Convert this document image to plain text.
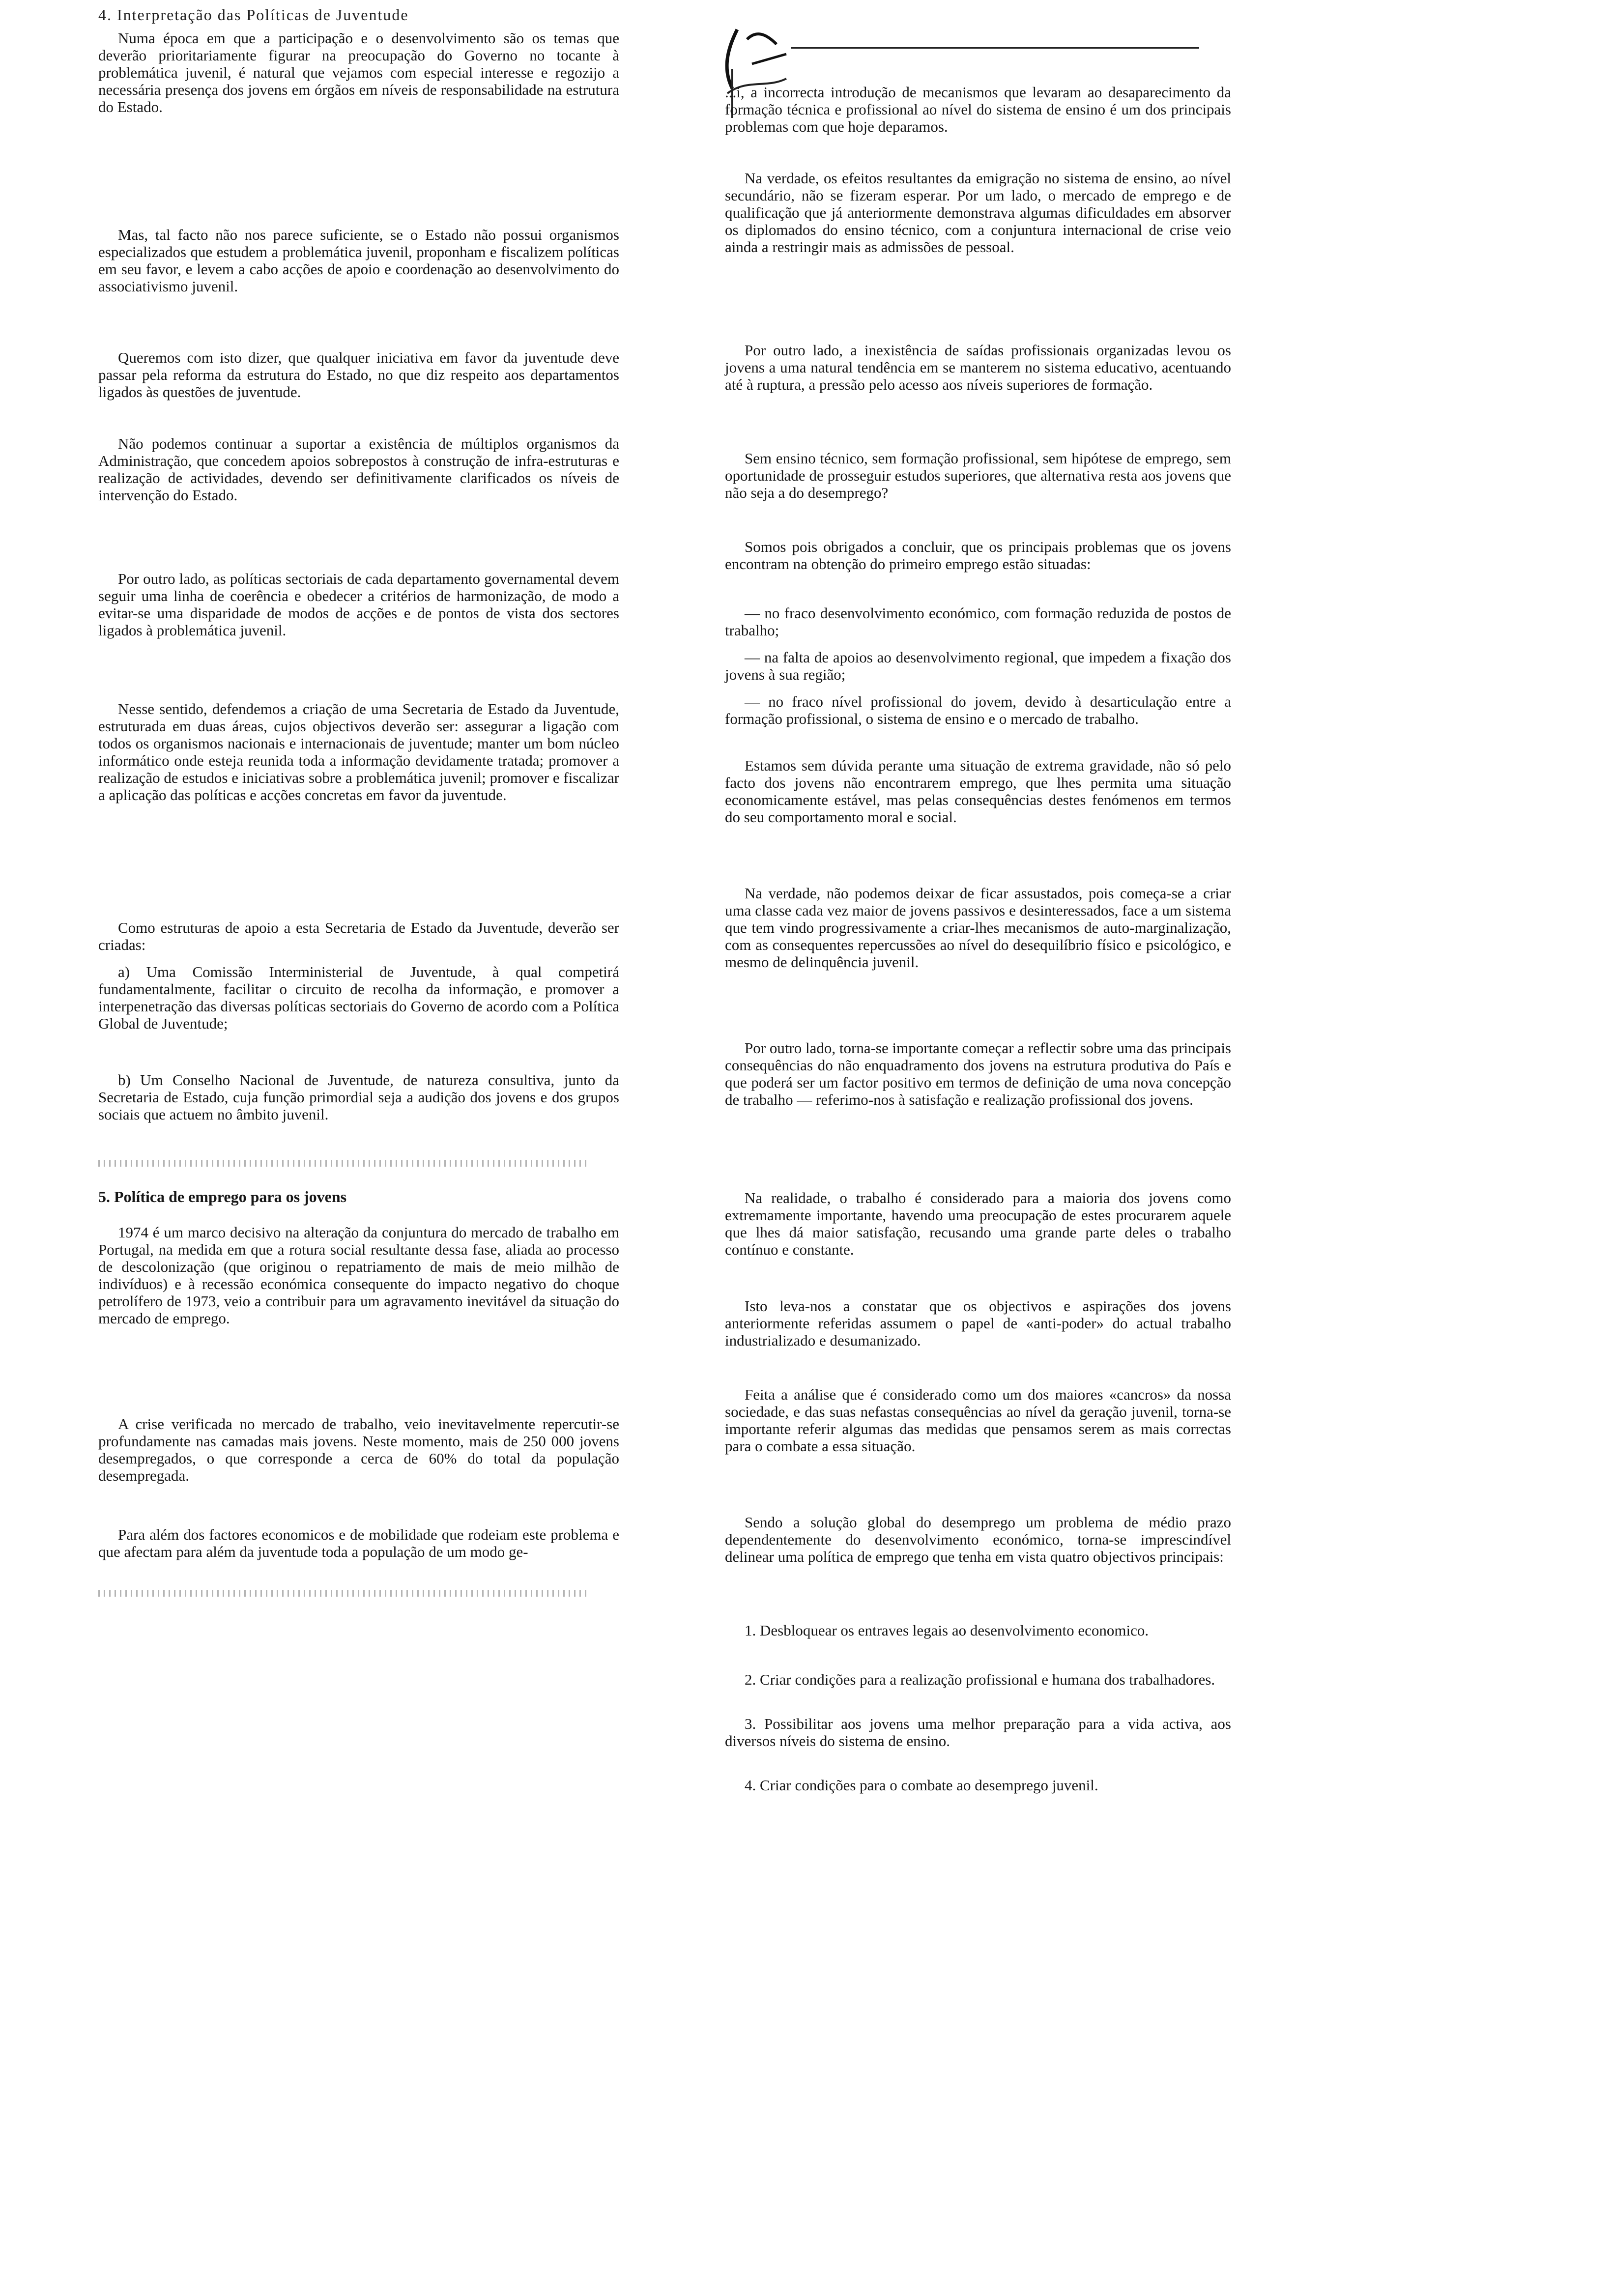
4. Interpretação das Políticas de Juventude

Numa época em que a participação e o desenvolvimento são os temas que deverão prioritariamente figurar na preocupação do Governo no tocante à problemática juvenil, é natural que vejamos com especial interesse e regozijo a necessária presença dos jovens em órgãos em níveis de responsabilidade na estrutura do Estado.

Mas, tal facto não nos parece suficiente, se o Estado não possui organismos especializados que estudem a problemática juvenil, proponham e fiscalizem políticas em seu favor, e levem a cabo acções de apoio e coordenação ao desenvolvimento do associativismo juvenil.

Queremos com isto dizer, que qualquer iniciativa em favor da juventude deve passar pela reforma da estrutura do Estado, no que diz respeito aos departamentos ligados às questões de juventude.

Não podemos continuar a suportar a existência de múltiplos organismos da Administração, que concedem apoios sobrepostos à construção de infra-estruturas e realização de actividades, devendo ser definitivamente clarificados os níveis de intervenção do Estado.

Por outro lado, as políticas sectoriais de cada departamento governamental devem seguir uma linha de coerência e obedecer a critérios de harmonização, de modo a evitar-se uma disparidade de modos de acções e de pontos de vista dos sectores ligados à problemática juvenil.

Nesse sentido, defendemos a criação de uma Secretaria de Estado da Juventude, estruturada em duas áreas, cujos objectivos deverão ser: assegurar a ligação com todos os organismos nacionais e internacionais de juventude; manter um bom núcleo informático onde esteja reunida toda a informação devidamente tratada; promover a realização de estudos e iniciativas sobre a problemática juvenil; promover e fiscalizar a aplicação das políticas e acções concretas em favor da juventude.

Como estruturas de apoio a esta Secretaria de Estado da Juventude, deverão ser criadas:

a) Uma Comissão Interministerial de Juventude, à qual competirá fundamentalmente, facilitar o circuito de recolha da informação, e promover a interpenetração das diversas políticas sectoriais do Governo de acordo com a Política Global de Juventude;

b) Um Conselho Nacional de Juventude, de natureza consultiva, junto da Secretaria de Estado, cuja função primordial seja a audição dos jovens e dos grupos sociais que actuem no âmbito juvenil.

5. Política de emprego para os jovens

1974 é um marco decisivo na alteração da conjuntura do mercado de trabalho em Portugal, na medida em que a rotura social resultante dessa fase, aliada ao processo de descolonização (que originou o repatriamento de mais de meio milhão de indivíduos) e à recessão económica consequente do impacto negativo do choque petrolífero de 1973, veio a contribuir para um agravamento inevitável da situação do mercado de emprego.

A crise verificada no mercado de trabalho, veio inevitavelmente repercutir-se profundamente nas camadas mais jovens. Neste momento, mais de 250 000 jovens desempregados, o que corresponde a cerca de 60% do total da população desempregada.

Para além dos factores economicos e de mobilidade que rodeiam este problema e que afectam para além da juventude toda a população de um modo ge-

...i, a incorrecta introdução de mecanismos que levaram ao desaparecimento da formação técnica e profissional ao nível do sistema de ensino é um dos principais problemas com que hoje deparamos.

Na verdade, os efeitos resultantes da emigração no sistema de ensino, ao nível secundário, não se fizeram esperar. Por um lado, o mercado de emprego e de qualificação que já anteriormente demonstrava algumas dificuldades em absorver os diplomados do ensino técnico, com a conjuntura internacional de crise veio ainda a restringir mais as admissões de pessoal.

Por outro lado, a inexistência de saídas profissionais organizadas levou os jovens a uma natural tendência em se manterem no sistema educativo, acentuando até à ruptura, a pressão pelo acesso aos níveis superiores de formação.

Sem ensino técnico, sem formação profissional, sem hipótese de emprego, sem oportunidade de prosseguir estudos superiores, que alternativa resta aos jovens que não seja a do desemprego?

Somos pois obrigados a concluir, que os principais problemas que os jovens encontram na obtenção do primeiro emprego estão situadas:

— no fraco desenvolvimento económico, com formação reduzida de postos de trabalho;

— na falta de apoios ao desenvolvimento regional, que impedem a fixação dos jovens à sua região;

— no fraco nível profissional do jovem, devido à desarticulação entre a formação profissional, o sistema de ensino e o mercado de trabalho.

Estamos sem dúvida perante uma situação de extrema gravidade, não só pelo facto dos jovens não encontrarem emprego, que lhes permita uma situação economicamente estável, mas pelas consequências destes fenómenos em termos do seu comportamento moral e social.

Na verdade, não podemos deixar de ficar assustados, pois começa-se a criar uma classe cada vez maior de jovens passivos e desinteressados, face a um sistema que tem vindo progressivamente a criar-lhes mecanismos de auto-marginalização, com as consequentes repercussões ao nível do desequilíbrio físico e psicológico, e mesmo de delinquência juvenil.

Por outro lado, torna-se importante começar a reflectir sobre uma das principais consequências do não enquadramento dos jovens na estrutura produtiva do País e que poderá ser um factor positivo em termos de definição de uma nova concepção de trabalho — referimo-nos à satisfação e realização profissional dos jovens.

Na realidade, o trabalho é considerado para a maioria dos jovens como extremamente importante, havendo uma preocupação de estes procurarem aquele que lhes dá maior satisfação, recusando uma grande parte deles o trabalho contínuo e constante.

Isto leva-nos a constatar que os objectivos e aspirações dos jovens anteriormente referidas assumem o papel de «anti-poder» do actual trabalho industrializado e desumanizado.

Feita a análise que é considerado como um dos maiores «cancros» da nossa sociedade, e das suas nefastas consequências ao nível da geração juvenil, torna-se importante referir algumas das medidas que pensamos serem as mais correctas para o combate a essa situação.

Sendo a solução global do desemprego um problema de médio prazo dependentemente do desenvolvimento económico, torna-se imprescindível delinear uma política de emprego que tenha em vista quatro objectivos principais:

1. Desbloquear os entraves legais ao desenvolvimento economico.

2. Criar condições para a realização profissional e humana dos trabalhadores.

3. Possibilitar aos jovens uma melhor preparação para a vida activa, aos diversos níveis do sistema de ensino.

4. Criar condições para o combate ao desemprego juvenil.
